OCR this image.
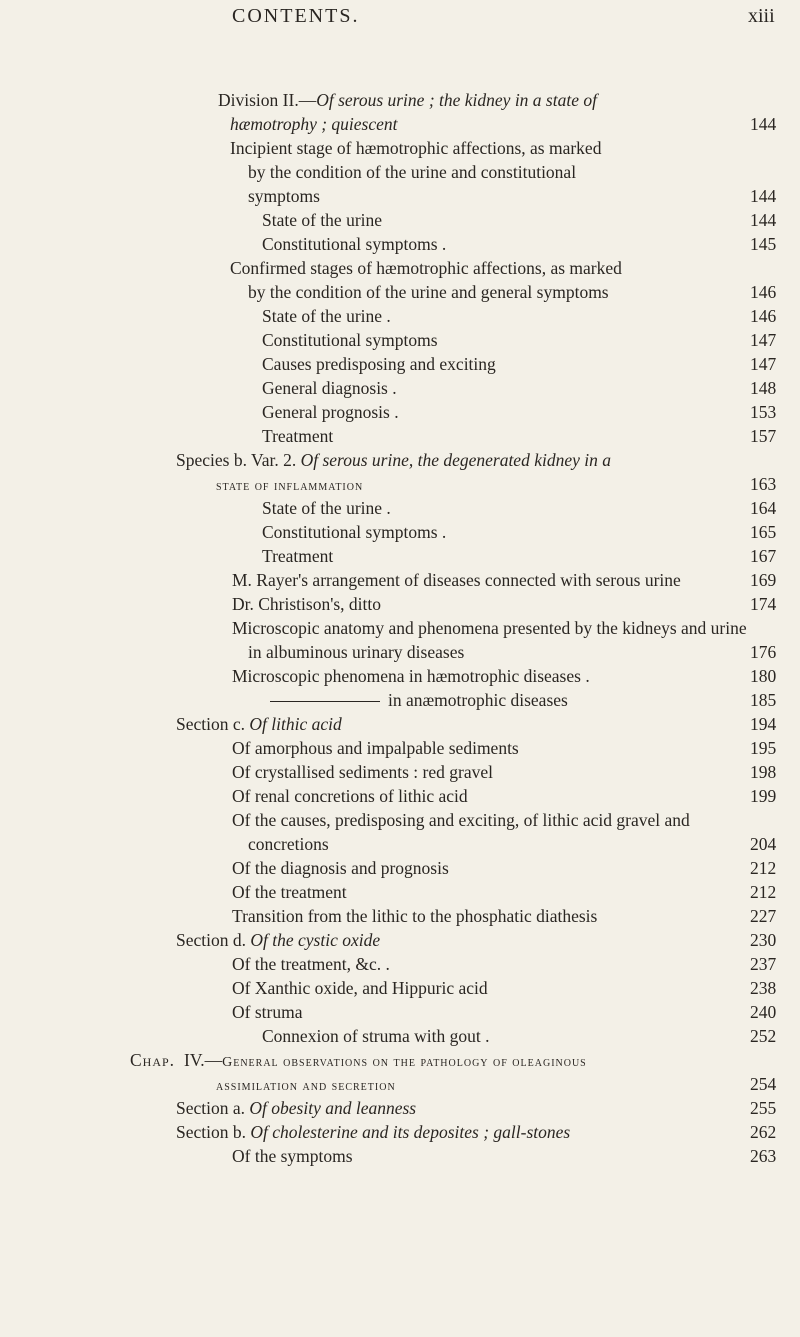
CONTENTS.	xiii
Division II.—Of serous urine ; the kidney in a state of
hæmotrophy ; quiescent	144
Incipient stage of hæmotrophic affections, as marked
by the condition of the urine and constitutional
symptoms	144
State of the urine	144
Constitutional symptoms .	145
Confirmed stages of hæmotrophic affections, as marked
by the condition of the urine and general symptoms	146
State of the urine .	146
Constitutional symptoms	147
Causes predisposing and exciting	147
General diagnosis .	148
General prognosis .	153
Treatment	157
Species b. Var. 2. Of serous urine, the degenerated kidney in a
state of inflammation	163
State of the urine .	164
Constitutional symptoms .	165
Treatment	167
M. Rayer's arrangement of diseases connected with serous urine	169
Dr. Christison's, ditto	174
Microscopic anatomy and phenomena presented by the kidneys and urine
in albuminous urinary diseases	176
Microscopic phenomena in hæmotrophic diseases .	180
in anæmotrophic diseases	185
Section c. Of lithic acid	194
Of amorphous and impalpable sediments	195
Of crystallised sediments : red gravel	198
Of renal concretions of lithic acid	199
Of the causes, predisposing and exciting, of lithic acid gravel and
concretions	204
Of the diagnosis and prognosis	212
Of the treatment	212
Transition from the lithic to the phosphatic diathesis	227
Section d. Of the cystic oxide	230
Of the treatment, &c. .	237
Of Xanthic oxide, and Hippuric acid	238
Of struma	240
Connexion of struma with gout .	252
Chap. IV.—General observations on the pathology of oleaginous
assimilation and secretion	254
Section a. Of obesity and leanness	255
Section b. Of cholesterine and its deposites ; gall-stones	262
Of the symptoms	263
